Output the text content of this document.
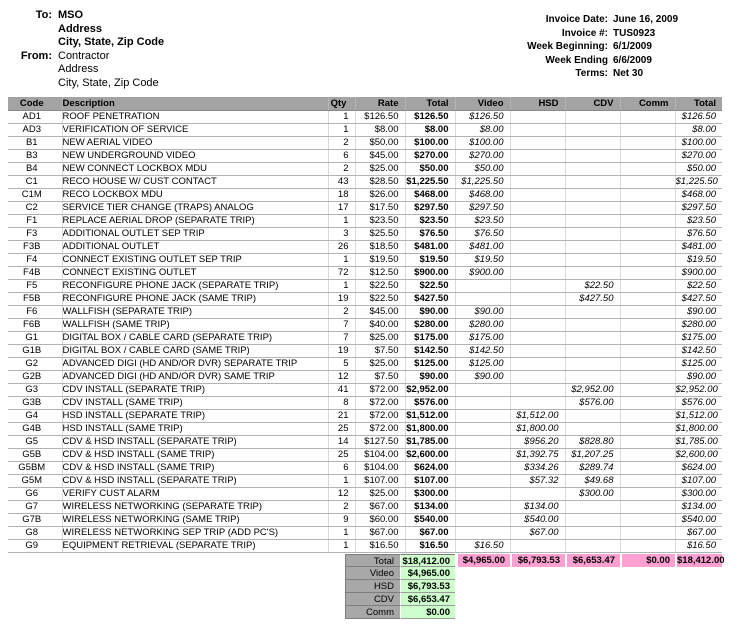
To: MSO
Address
City, State, Zip Code
From: Contractor
Address
City, State, Zip Code
Invoice Date: June 16, 2009
Invoice #: TUS0923
Week Beginning: 6/1/2009
Week Ending 6/6/2009
Terms: Net 30
Code	Description	Qty	Rate	Total	Video	HSD	CDV	Comm	Total
AD1	ROOF PENETRATION	1	$126.50	$126.50	$126.50				$126.50
AD3	VERIFICATION OF SERVICE	1	$8.00	$8.00	$8.00				$8.00
B1	NEW AERIAL VIDEO	2	$50.00	$100.00	$100.00				$100.00
B3	NEW UNDERGROUND VIDEO	6	$45.00	$270.00	$270.00				$270.00
B4	NEW CONNECT LOCKBOX MDU	2	$25.00	$50.00	$50.00				$50.00
C1	RECO HOUSE W/ CUST CONTACT	43	$28.50	$1,225.50	$1,225.50				$1,225.50
C1M	RECO LOCKBOX MDU	18	$26.00	$468.00	$468.00				$468.00
C2	SERVICE TIER CHANGE (TRAPS) ANALOG	17	$17.50	$297.50	$297.50				$297.50
F1	REPLACE AERIAL DROP (SEPARATE TRIP)	1	$23.50	$23.50	$23.50				$23.50
F3	ADDITIONAL OUTLET SEP TRIP	3	$25.50	$76.50	$76.50				$76.50
F3B	ADDITIONAL OUTLET	26	$18.50	$481.00	$481.00				$481.00
F4	CONNECT EXISTING OUTLET SEP TRIP	1	$19.50	$19.50	$19.50				$19.50
F4B	CONNECT EXISTING OUTLET	72	$12.50	$900.00	$900.00				$900.00
F5	RECONFIGURE PHONE JACK (SEPARATE TRIP)	1	$22.50	$22.50			$22.50		$22.50
F5B	RECONFIGURE PHONE JACK (SAME TRIP)	19	$22.50	$427.50			$427.50		$427.50
F6	WALLFISH (SEPARATE TRIP)	2	$45.00	$90.00	$90.00				$90.00
F6B	WALLFISH (SAME TRIP)	7	$40.00	$280.00	$280.00				$280.00
G1	DIGITAL BOX / CABLE CARD (SEPARATE TRIP)	7	$25.00	$175.00	$175.00				$175.00
G1B	DIGITAL BOX / CABLE CARD (SAME TRIP)	19	$7.50	$142.50	$142.50				$142.50
G2	ADVANCED DIGI (HD AND/OR DVR) SEPARATE TRIP	5	$25.00	$125.00	$125.00				$125.00
G2B	ADVANCED DIGI (HD AND/OR DVR) SAME TRIP	12	$7.50	$90.00	$90.00				$90.00
G3	CDV INSTALL (SEPARATE TRIP)	41	$72.00	$2,952.00			$2,952.00		$2,952.00
G3B	CDV INSTALL (SAME TRIP)	8	$72.00	$576.00			$576.00		$576.00
G4	HSD INSTALL (SEPARATE TRIP)	21	$72.00	$1,512.00		$1,512.00			$1,512.00
G4B	HSD INSTALL (SAME TRIP)	25	$72.00	$1,800.00		$1,800.00			$1,800.00
G5	CDV & HSD INSTALL (SEPARATE TRIP)	14	$127.50	$1,785.00		$956.20	$828.80		$1,785.00
G5B	CDV & HSD INSTALL (SAME TRIP)	25	$104.00	$2,600.00		$1,392.75	$1,207.25		$2,600.00
G5BM	CDV & HSD INSTALL (SAME TRIP)	6	$104.00	$624.00		$334.26	$289.74		$624.00
G5M	CDV & HSD INSTALL (SEPARATE TRIP)	1	$107.00	$107.00		$57.32	$49.68		$107.00
G6	VERIFY CUST ALARM	12	$25.00	$300.00			$300.00		$300.00
G7	WIRELESS NETWORKING (SEPARATE TRIP)	2	$67.00	$134.00		$134.00			$134.00
G7B	WIRELESS NETWORKING (SAME TRIP)	9	$60.00	$540.00		$540.00			$540.00
G8	WIRELESS NETWORKING SEP TRIP (ADD PC'S)	1	$67.00	$67.00		$67.00			$67.00
G9	EQUIPMENT RETRIEVAL (SEPARATE TRIP)	1	$16.50	$16.50	$16.50				$16.50
Total $18,412.00	$4,965.00	$6,793.53	$6,653.47	$0.00 $18,412.00
Video	$4,965.00
HSD	$6,793.53
CDV	$6,653.47
Comm	$0.00
